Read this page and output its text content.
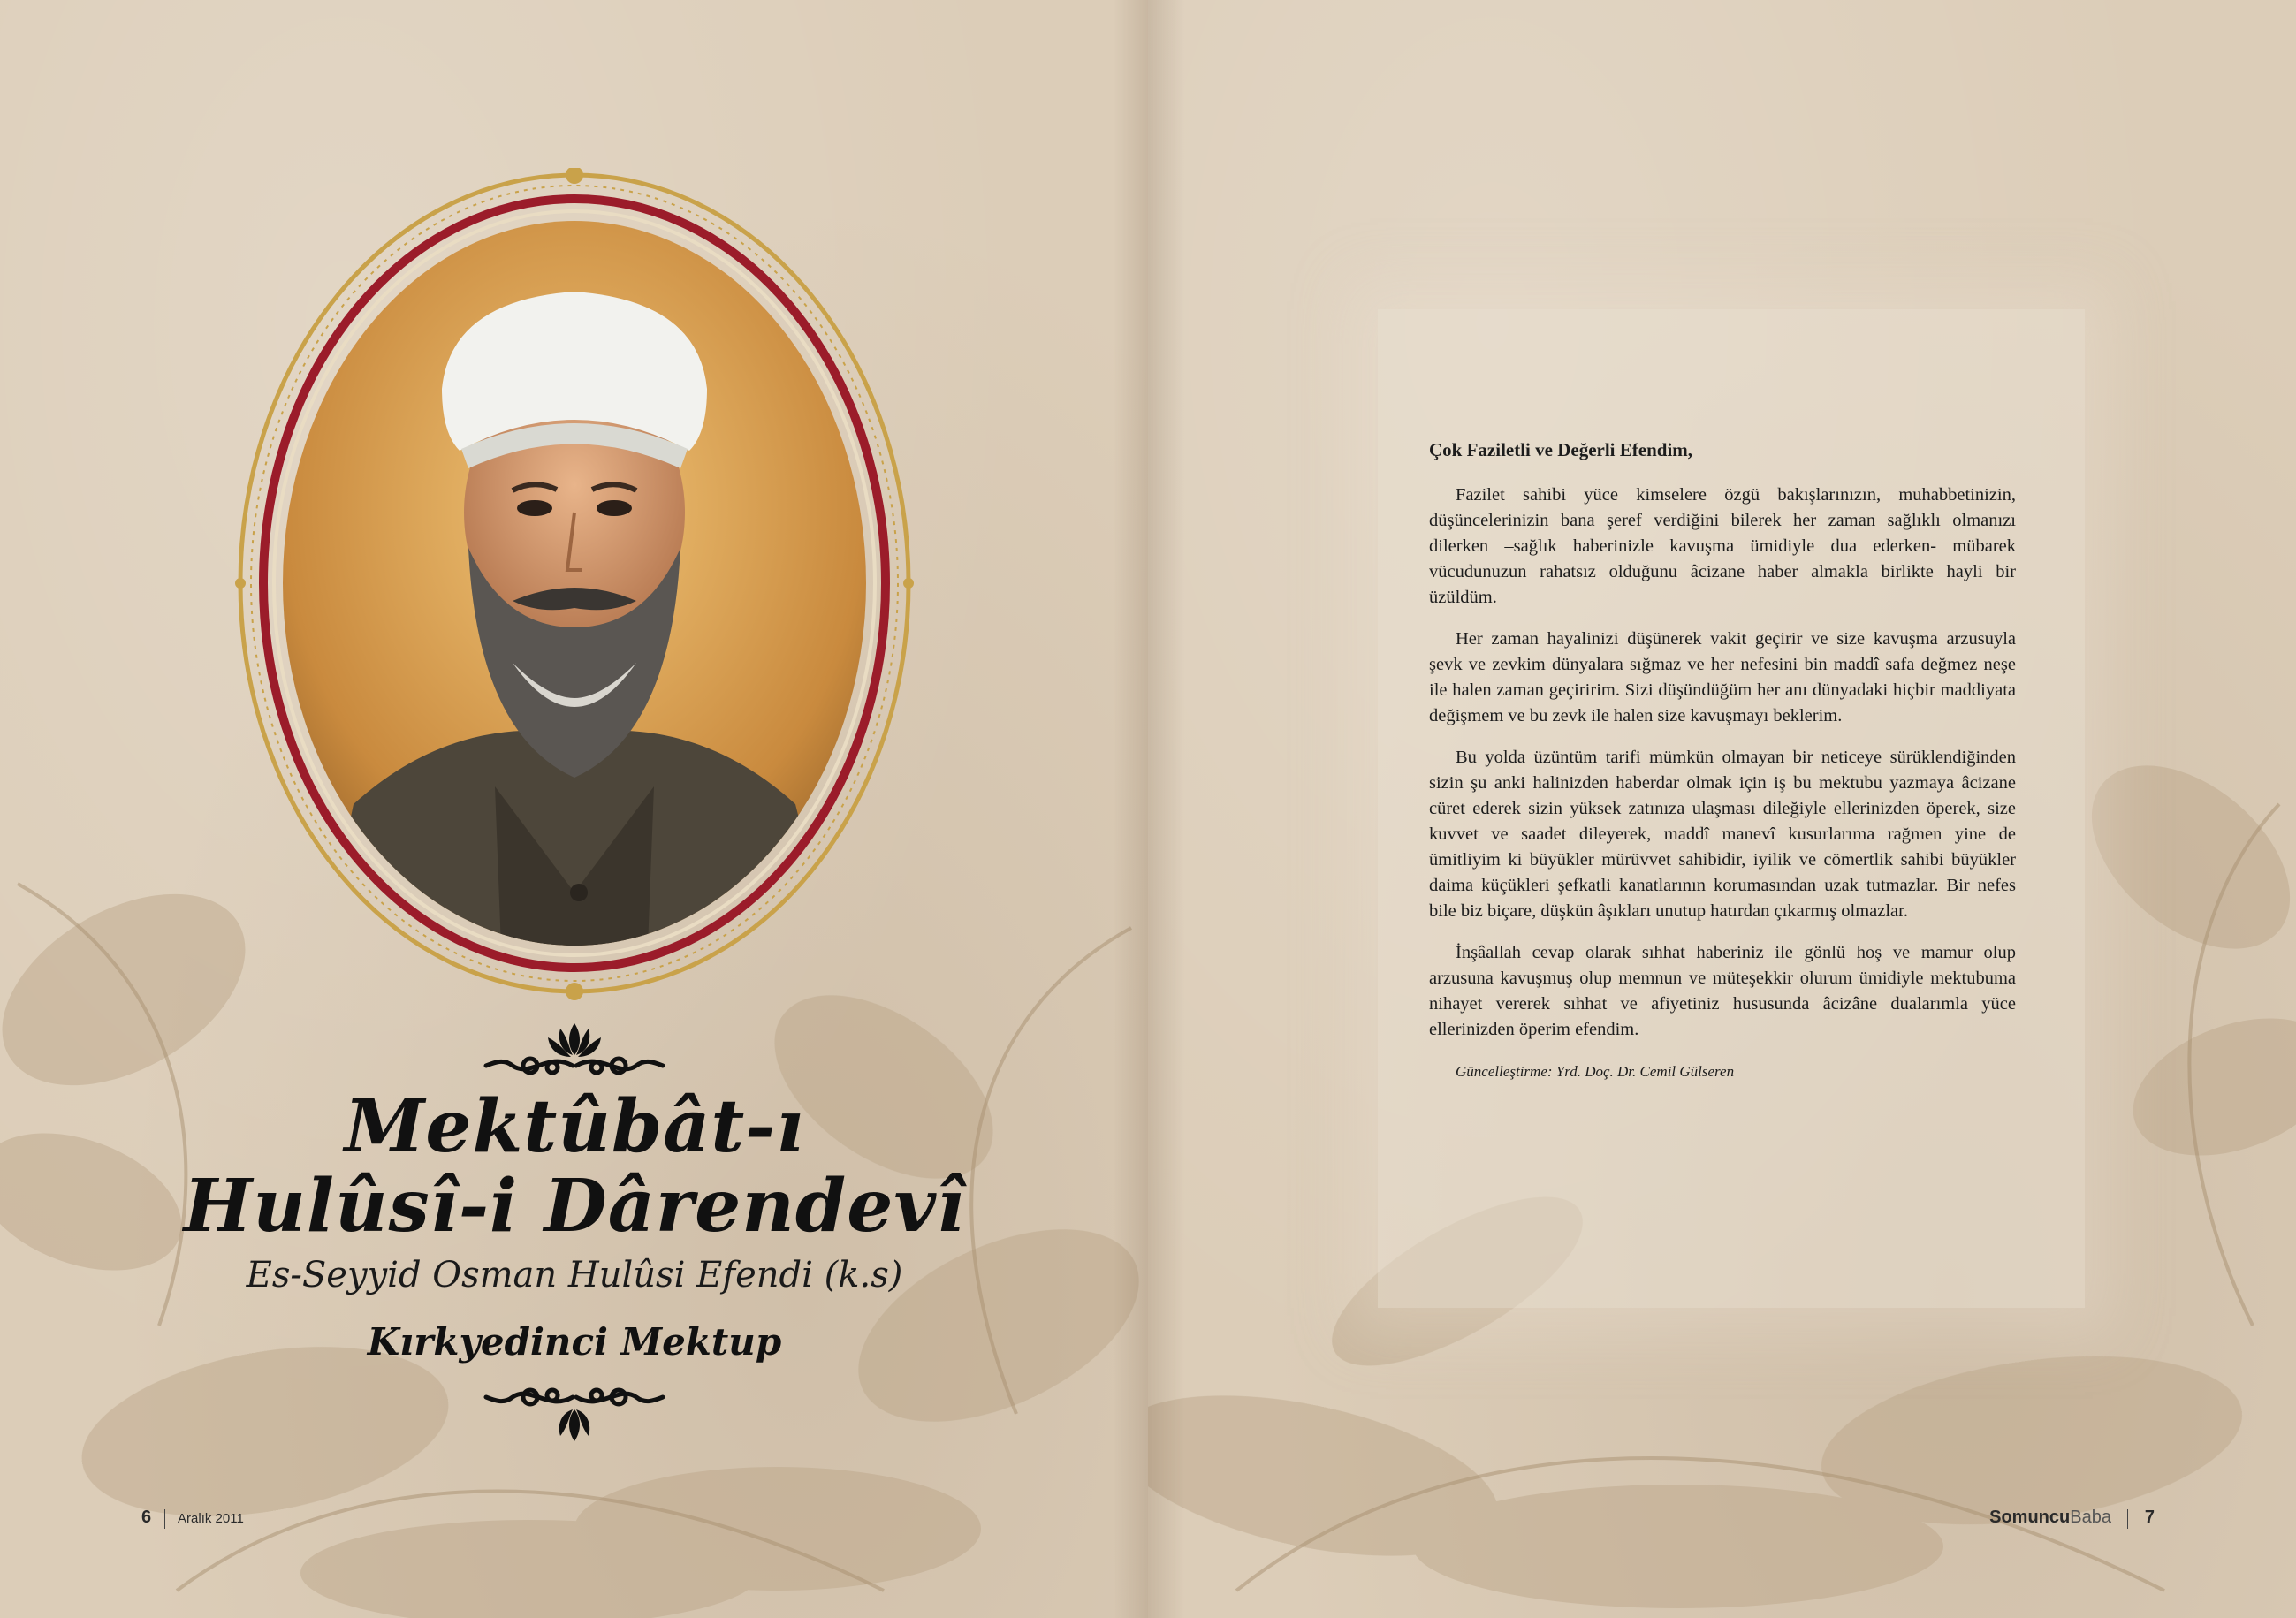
Mektûbât-ı

Hulûsî-i Dârendevî

Es-Seyyid Osman Hulûsi Efendi (k.s)

Kırkyedinci Mektup

6 Aralık 2011

Çok Faziletli ve Değerli Efendim,

Fazilet sahibi yüce kimselere özgü bakışlarınızın, muhabbetinizin, düşüncelerinizin bana şeref verdiğini bilerek her zaman sağlıklı olmanızı dilerken –sağlık haberinizle kavuşma ümidiyle dua ederken- mübarek vücudunuzun rahatsız olduğunu âcizane haber almakla birlikte hayli bir üzüldüm.

Her zaman hayalinizi düşünerek vakit geçirir ve size kavuşma arzusuyla şevk ve zevkim dünyalara sığmaz ve her nefesini bin maddî safa değmez neşe ile halen zaman geçiririm. Sizi düşündüğüm her anı dünyadaki hiçbir maddiyata değişmem ve bu zevk ile halen size kavuşmayı beklerim.

Bu yolda üzüntüm tarifi mümkün olmayan bir neticeye sürüklendiğinden sizin şu anki halinizden haberdar olmak için iş bu mektubu yazmaya âcizane cüret ederek sizin yüksek zatınıza ulaşması dileğiyle ellerinizden öperek, size kuvvet ve saadet dileyerek, maddî manevî kusurlarıma rağmen yine de ümitliyim ki büyükler mürüvvet sahibidir, iyilik ve cömertlik sahibi büyükler daima küçükleri şefkatli kanatlarının korumasından uzak tutmazlar. Bir nefes bile biz biçare, düşkün âşıkları unutup hatırdan çıkarmış olmazlar.

İnşâallah cevap olarak sıhhat haberiniz ile gönlü hoş ve mamur olup arzusuna kavuşmuş olup memnun ve müteşekkir olurum ümidiyle mektubuma nihayet vererek sıhhat ve afiyetiniz hususunda âcizâne dualarımla yüce ellerinizden öperim efendim.

Güncelleştirme: Yrd. Doç. Dr. Cemil Gülseren

SomuncuBaba 7
